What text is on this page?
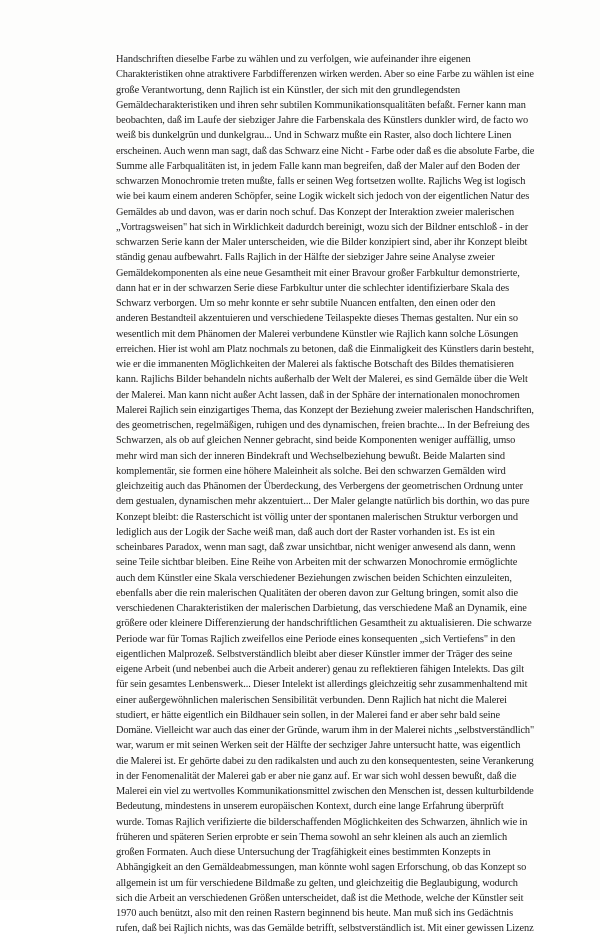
Handschriften dieselbe Farbe zu wählen und zu verfolgen, wie aufeinander ihre eigenen
Charakteristiken ohne atraktivere Farbdifferenzen wirken werden. Aber so eine Farbe zu wählen ist eine
große Verantwortung, denn Rajlich ist ein Künstler, der sich mit den grundlegendsten
Gemäldecharakteristiken und ihren sehr subtilen Kommunikationsqualitäten befaßt. Ferner kann man
beobachten, daß im Laufe der siebziger Jahre die Farbenskala des Künstlers dunkler wird, de facto wo
weiß bis dunkelgrün und dunkelgrau... Und in Schwarz mußte ein Raster, also doch lichtere Linen
erscheinen. Auch wenn man sagt, daß das Schwarz eine Nicht - Farbe oder daß es die absolute Farbe, die
Summe alle Farbqualitäten ist, in jedem Falle kann man begreifen, daß der Maler auf den Boden der
schwarzen Monochromie treten mußte, falls er seinen Weg fortsetzen wollte. Rajlichs Weg ist logisch
wie bei kaum einem anderen Schöpfer, seine Logik wickelt sich jedoch von der eigentlichen Natur des
Gemäldes ab und davon, was er darin noch schuf. Das Konzept der Interaktion zweier malerischen
„Vortragsweisen" hat sich in Wirklichkeit dadurdch bereinigt, wozu sich der Bildner entschloß - in der
schwarzen Serie kann der Maler unterscheiden, wie die Bilder konzipiert sind, aber ihr Konzept bleibt
ständig genau aufbewahrt. Falls Rajlich in der Hälfte der siebziger Jahre seine Analyse zweier
Gemäldekomponenten als eine neue Gesamtheit mit einer Bravour großer Farbkultur demonstrierte,
dann hat er in der schwarzen Serie diese Farbkultur unter die schlechter identifizierbare Skala des
Schwarz verborgen. Um so mehr konnte er sehr subtile Nuancen entfalten, den einen oder den
anderen Bestandteil akzentuieren und verschiedene Teilaspekte dieses Themas gestalten. Nur ein so
wesentlich mit dem Phänomen der Malerei verbundene Künstler wie Rajlich kann solche Lösungen
erreichen. Hier ist wohl am Platz nochmals zu betonen, daß die Einmaligkeit des Künstlers darin besteht,
wie er die immanenten Möglichkeiten der Malerei als faktische Botschaft des Bildes thematisieren
kann. Rajlichs Bilder behandeln nichts außerhalb der Welt der Malerei, es sind Gemälde über die Welt
der Malerei. Man kann nicht außer Acht lassen, daß in der Sphäre der internationalen monochromen
Malerei Rajlich sein einzigartiges Thema, das Konzept der Beziehung zweier malerischen Handschriften,
des geometrischen, regelmäßigen, ruhigen und des dynamischen, freien brachte... In der Befreiung des
Schwarzen, als ob auf gleichen Nenner gebracht, sind beide Komponenten weniger auffällig, umso
mehr wird man sich der inneren Bindekraft und Wechselbeziehung bewußt. Beide Malarten sind
komplementär, sie formen eine höhere Maleinheit als solche. Bei den schwarzen Gemälden wird
gleichzeitig auch das Phänomen der Überdeckung, des Verbergens der geometrischen Ordnung unter
dem gestualen, dynamischen mehr akzentuiert... Der Maler gelangte natürlich bis dorthin, wo das pure
Konzept bleibt: die Rasterschicht ist völlig unter der spontanen malerischen Struktur verborgen und
lediglich aus der Logik der Sache weiß man, daß auch dort der Raster vorhanden ist. Es ist ein
scheinbares Paradox, wenn man sagt, daß zwar unsichtbar, nicht weniger anwesend als dann, wenn
seine Teile sichtbar bleiben. Eine Reihe von Arbeiten mit der schwarzen Monochromie ermöglichte
auch dem Künstler eine Skala verschiedener Beziehungen zwischen beiden Schichten einzuleiten,
ebenfalls aber die rein malerischen Qualitäten der oberen davon zur Geltung bringen, somit also die
verschiedenen Charakteristiken der malerischen Darbietung, das verschiedene Maß an Dynamik, eine
größere oder kleinere Differenzierung der handschriftlichen Gesamtheit zu aktualisieren. Die schwarze
Periode war für Tomas Rajlich zweifellos eine Periode eines konsequenten „sich Vertiefens" in den
eigentlichen Malprozeß. Selbstverständlich bleibt aber dieser Künstler immer der Träger des seine
eigene Arbeit (und nebenbei auch die Arbeit anderer) genau zu reflektieren fähigen Intelekts. Das gilt
für sein gesamtes Lenbenswerk... Dieser Intelekt ist allerdings gleichzeitig sehr zusammenhaltend mit
einer außergewöhnlichen malerischen Sensibilität verbunden. Denn Rajlich hat nicht die Malerei
studiert, er hätte eigentlich ein Bildhauer sein sollen, in der Malerei fand er aber sehr bald seine
Domäne. Vielleicht war auch das einer der Gründe, warum ihm in der Malerei nichts „selbstverständlich"
war, warum er mit seinen Werken seit der Hälfte der sechziger Jahre untersucht hatte, was eigentlich
die Malerei ist. Er gehörte dabei zu den radikalsten und auch zu den konsequentesten, seine Verankerung
in der Fenomenalität der Malerei gab er aber nie ganz auf. Er war sich wohl dessen bewußt, daß die
Malerei ein viel zu wertvolles Kommunikationsmittel zwischen den Menschen ist, dessen kulturbildende
Bedeutung, mindestens in unserem europäischen Kontext, durch eine lange Erfahrung überprüft
wurde. Tomas Rajlich verifizierte die bilderschaffenden Möglichkeiten des Schwarzen, ähnlich wie in
früheren und späteren Serien erprobte er sein Thema sowohl an sehr kleinen als auch an ziemlich
großen Formaten. Auch diese Untersuchung der Tragfähigkeit eines bestimmten Konzepts in
Abhängigkeit an den Gemäldeabmessungen, man könnte wohl sagen Erforschung, ob das Konzept so
allgemein ist um für verschiedene Bildmaße zu gelten, und gleichzeitig die Beglaubigung, wodurch
sich die Arbeit an verschiedenen Größen unterscheidet, daß ist die Methode, welche der Künstler seit
1970 auch benützt, also mit den reinen Rastern beginnend bis heute. Man muß sich ins Gedächtnis
rufen, daß bei Rajlich nichts, was das Gemälde betrifft, selbstverständlich ist. Mit einer gewissen Lizenz
